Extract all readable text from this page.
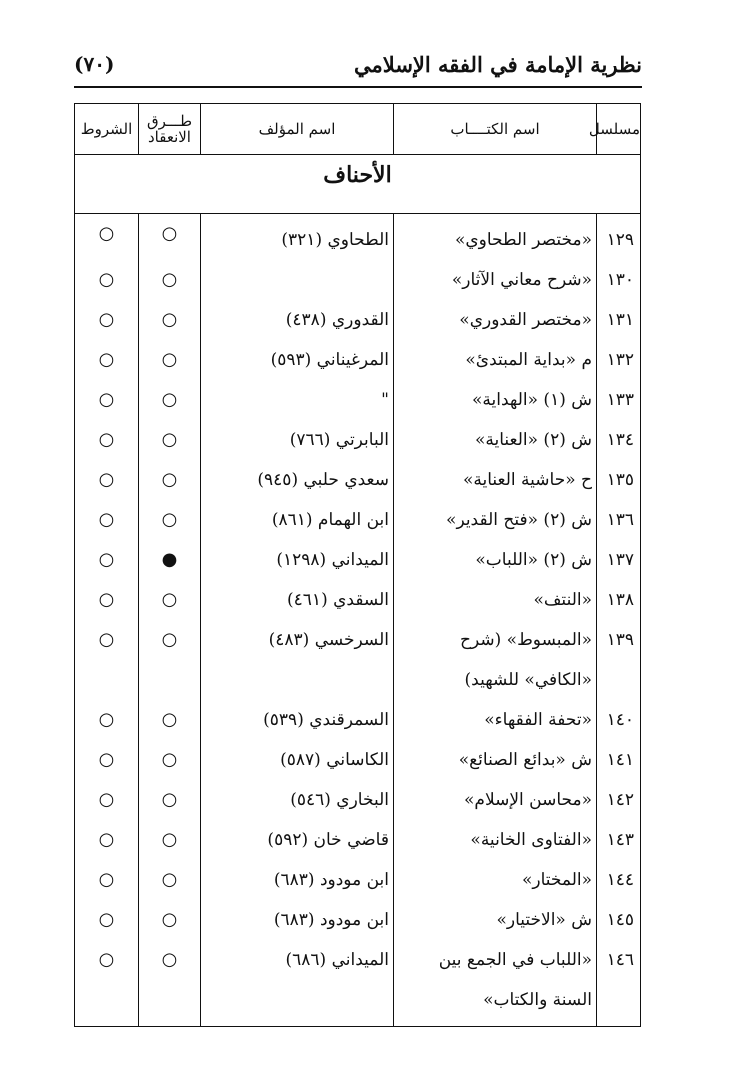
(٧٠)	نظرية الإمامة في الفقه الإسلامي
مسلسل	اسم الكتــــاب	اسم المؤلف	طـــرق الانعقاد	الشروط
الأحناف				
١٢٩	«مختصر الطحاوي»	الطحاوي (٣٢١)	○	○
١٣٠	«شرح معاني الآثار»		○	○
١٣١	«مختصر القدوري»	القدوري (٤٣٨)	○	○
١٣٢	م «بداية المبتدئ»	المرغيناني (٥٩٣)	○	○
١٣٣	ش (١) «الهداية»	"	○	○
١٣٤	ش (٢) «العناية»	البابرتي (٧٦٦)	○	○
١٣٥	ح «حاشية العناية»	سعدي حلبي (٩٤٥)	○	○
١٣٦	ش (٢) «فتح القدير»	ابن الهمام (٨٦١)	○	○
١٣٧	ش (٢) «اللباب»	الميداني (١٢٩٨)	●	○
١٣٨	«النتف»	السقدي (٤٦١)	○	○
١٣٩	«المبسوط» (شرح «الكافي» للشهيد)	السرخسي (٤٨٣)	○	○
١٤٠	«تحفة الفقهاء»	السمرقندي (٥٣٩)	○	○
١٤١	ش «بدائع الصنائع»	الكاساني (٥٨٧)	○	○
١٤٢	«محاسن الإسلام»	البخاري (٥٤٦)	○	○
١٤٣	«الفتاوى الخانية»	قاضي خان (٥٩٢)	○	○
١٤٤	«المختار»	ابن مودود (٦٨٣)	○	○
١٤٥	ش «الاختيار»	ابن مودود (٦٨٣)	○	○
١٤٦	«اللباب في الجمع بين السنة والكتاب»	الميداني (٦٨٦)	○	○
